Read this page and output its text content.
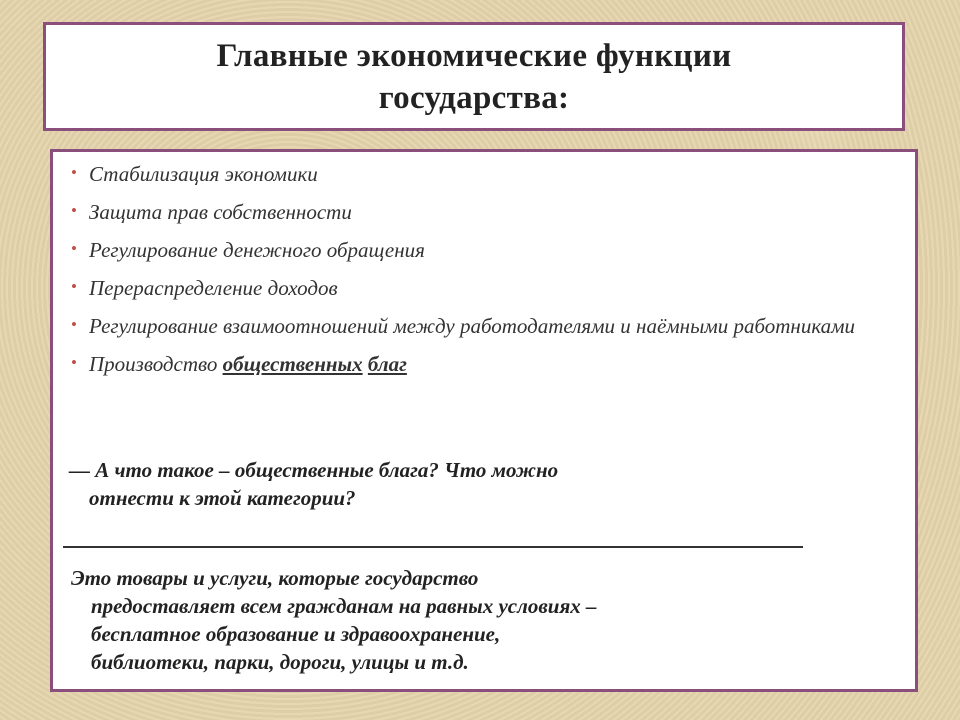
Главные экономические функции государства:
• Стабилизация экономики
• Защита прав собственности
• Регулирование денежного обращения
• Перераспределение доходов
• Регулирование взаимоотношений между работодателями и наёмными работниками
• Производство общественных благ
— А что такое – общественные блага? Что можно
отнести к этой категории?
Это товары и услуги, которые государство
предоставляет всем гражданам на равных условиях –
бесплатное образование и здравоохранение,
библиотеки, парки, дороги, улицы и т.д.
